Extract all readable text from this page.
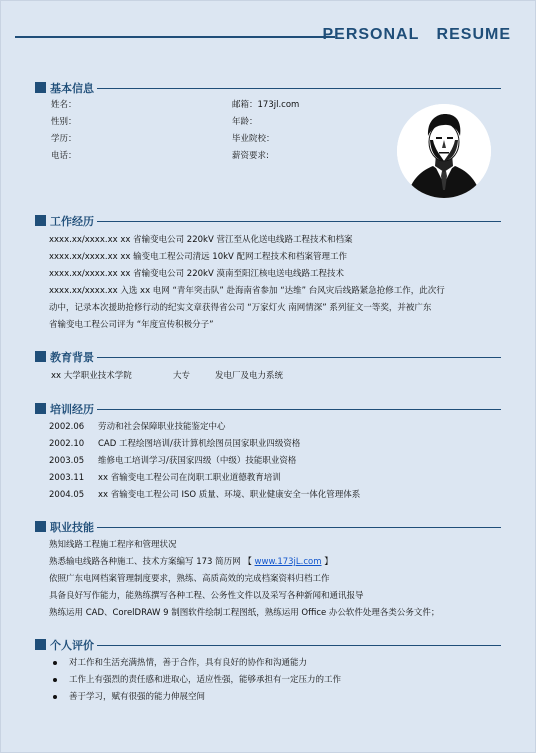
PERSONAL RESUME
基本信息
姓名：
性别：
学历：
电话：
邮箱：173jl.com
年龄：
毕业院校：
薪资要求:
工作经历
xxxx.xx/xxxx.xx xx 省输变电公司 220kV 营江至从化送电线路工程技术和档案
xxxx.xx/xxxx.xx xx 输变电工程公司清远 10kV 配网工程技术和档案管理工作
xxxx.xx/xxxx.xx xx 省输变电公司 220kV 漠南至阳江核电送电线路工程技术
xxxx.xx/xxxx.xx 入选 xx 电网 “青年突击队” 赴海南省参加 “达维” 台风灾后线路紧急抢修工作，此次行
动中，记录本次援助抢修行动的纪实文章获得省公司 “万家灯火 南网情深” 系列征文一等奖，并被广东
省输变电工程公司评为 “年度宣传积极分子”
教育背景
xx 大学职业技术学院	大专	发电厂及电力系统
培训经历
2002.06 劳动和社会保障职业技能鉴定中心
2002.10 CAD 工程绘图培训/获计算机绘图员国家职业四级资格
2003.05 维修电工培训学习/获国家四级（中级）技能职业资格
2003.11 xx 省输变电工程公司在岗职工职业道德教育培训
2004.05 xx 省输变电工程公司 ISO 质量、环境、职业健康安全一体化管理体系
职业技能
熟知线路工程施工程序和管理状况
熟悉输电线路各种施工、技术方案编写 173 简历网 【 www.173jL.com 】
依照广东电网档案管理制度要求，熟练、高质高效的完成档案资料归档工作
具备良好写作能力，能熟练撰写各种工程、公务性文件以及采写各种新闻和通讯报导
熟练运用 CAD、CorelDRAW 9 制图软件绘制工程图纸，熟练运用 Office 办公软件处理各类公务文件；
个人评价
对工作和生活充满热情，善于合作，具有良好的协作和沟通能力
工作上有强烈的责任感和进取心，适应性强，能够承担有一定压力的工作
善于学习，赋有很强的能力伸展空间
